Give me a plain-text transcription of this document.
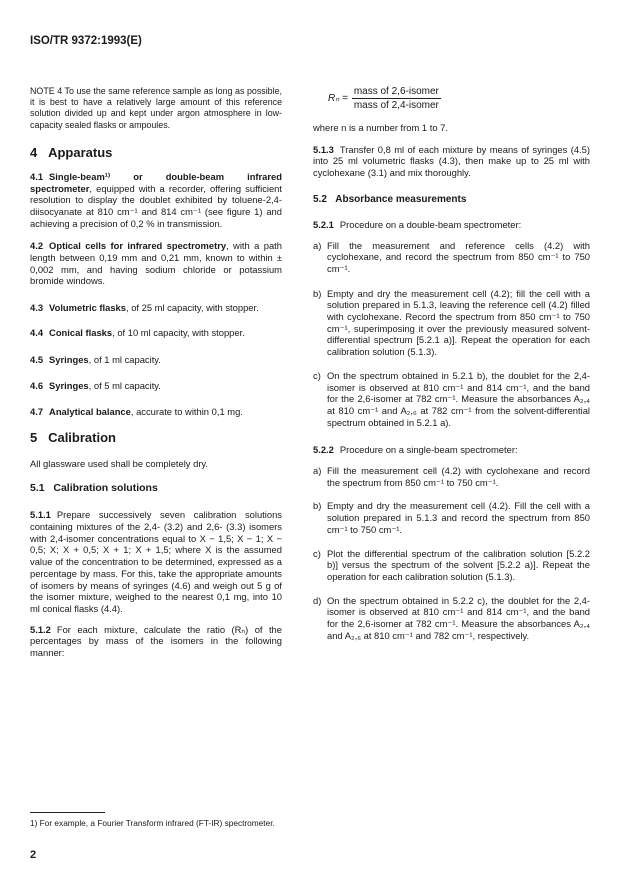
ISO/TR 9372:1993(E)
NOTE 4 To use the same reference sample as long as possible, it is best to have a relatively large amount of this reference solution divided up and kept under argon atmosphere in low-capacity sealed flasks or ampoules.
4 Apparatus
4.1 Single-beam¹⁾ or double-beam infrared spectrometer, equipped with a recorder, offering sufficient resolution to display the doublet exhibited by toluene-2,4-diisocyanate at 810 cm⁻¹ and 814 cm⁻¹ (see figure 1) and achieving a precision of 0,2 % in transmission.
4.2 Optical cells for infrared spectrometry, with a path length between 0,19 mm and 0,21 mm, known to within ± 0,002 mm, and having sodium chloride or potassium bromide windows.
4.3 Volumetric flasks, of 25 ml capacity, with stopper.
4.4 Conical flasks, of 10 ml capacity, with stopper.
4.5 Syringes, of 1 ml capacity.
4.6 Syringes, of 5 ml capacity.
4.7 Analytical balance, accurate to within 0,1 mg.
5 Calibration
All glassware used shall be completely dry.
5.1 Calibration solutions
5.1.1 Prepare successively seven calibration solutions containing mixtures of the 2,4- (3.2) and 2,6- (3.3) isomers with 2,4-isomer concentrations equal to X − 1,5; X − 1; X − 0,5; X; X + 0,5; X + 1; X + 1,5; where X is the assumed value of the concentration to be determined, expressed as a percentage by mass. For this, take the appropriate amounts of isomers by means of syringes (4.6) and weigh out 5 g of the isomer mixture, weighed to the nearest 0,1 mg, into 10 ml conical flasks (4.4).
5.1.2 For each mixture, calculate the ratio (Rₙ) of the percentages by mass of the isomers in the following manner:
$R_n = \frac{\text{mass of 2,6-isomer}}{\text{mass of 2,4-isomer}}$
where n is a number from 1 to 7.
5.1.3 Transfer 0,8 ml of each mixture by means of syringes (4.5) into 25 ml volumetric flasks (4.3), then make up to 25 ml with cyclohexane (3.1) and mix thoroughly.
5.2 Absorbance measurements
5.2.1 Procedure on a double-beam spectrometer:
a) Fill the measurement and reference cells (4.2) with cyclohexane, and record the spectrum from 850 cm⁻¹ to 750 cm⁻¹.
b) Empty and dry the measurement cell (4.2); fill the cell with a solution prepared in 5.1.3, leaving the reference cell (4.2) filled with cyclohexane. Record the spectrum from 850 cm⁻¹ to 750 cm⁻¹, superimposing it over the previously measured solvent-differential spectrum [5.2.1 a)]. Repeat the operation for each calibration solution (5.1.3).
c) On the spectrum obtained in 5.2.1 b), the doublet for the 2,4-isomer is observed at 810 cm⁻¹ and 814 cm⁻¹, and the band for the 2,6-isomer at 782 cm⁻¹. Measure the absorbances A₂,₄ at 810 cm⁻¹ and A₂,₆ at 782 cm⁻¹ from the solvent-differential spectrum obtained in 5.2.1 a).
5.2.2 Procedure on a single-beam spectrometer:
a) Fill the measurement cell (4.2) with cyclohexane and record the spectrum from 850 cm⁻¹ to 750 cm⁻¹.
b) Empty and dry the measurement cell (4.2). Fill the cell with a solution prepared in 5.1.3 and record the spectrum from 850 cm⁻¹ to 750 cm⁻¹.
c) Plot the differential spectrum of the calibration solution [5.2.2 b)] versus the spectrum of the solvent [5.2.2 a)]. Repeat the operation for each calibration solution (5.1.3).
d) On the spectrum obtained in 5.2.2 c), the doublet for the 2,4-isomer is observed at 810 cm⁻¹ and 814 cm⁻¹, and the band for the 2,6-isomer at 782 cm⁻¹. Measure the absorbances A₂,₄ and A₂,₆ at 810 cm⁻¹ and 782 cm⁻¹, respectively.
1) For example, a Fourier Transform infrared (FT-IR) spectrometer.
2
